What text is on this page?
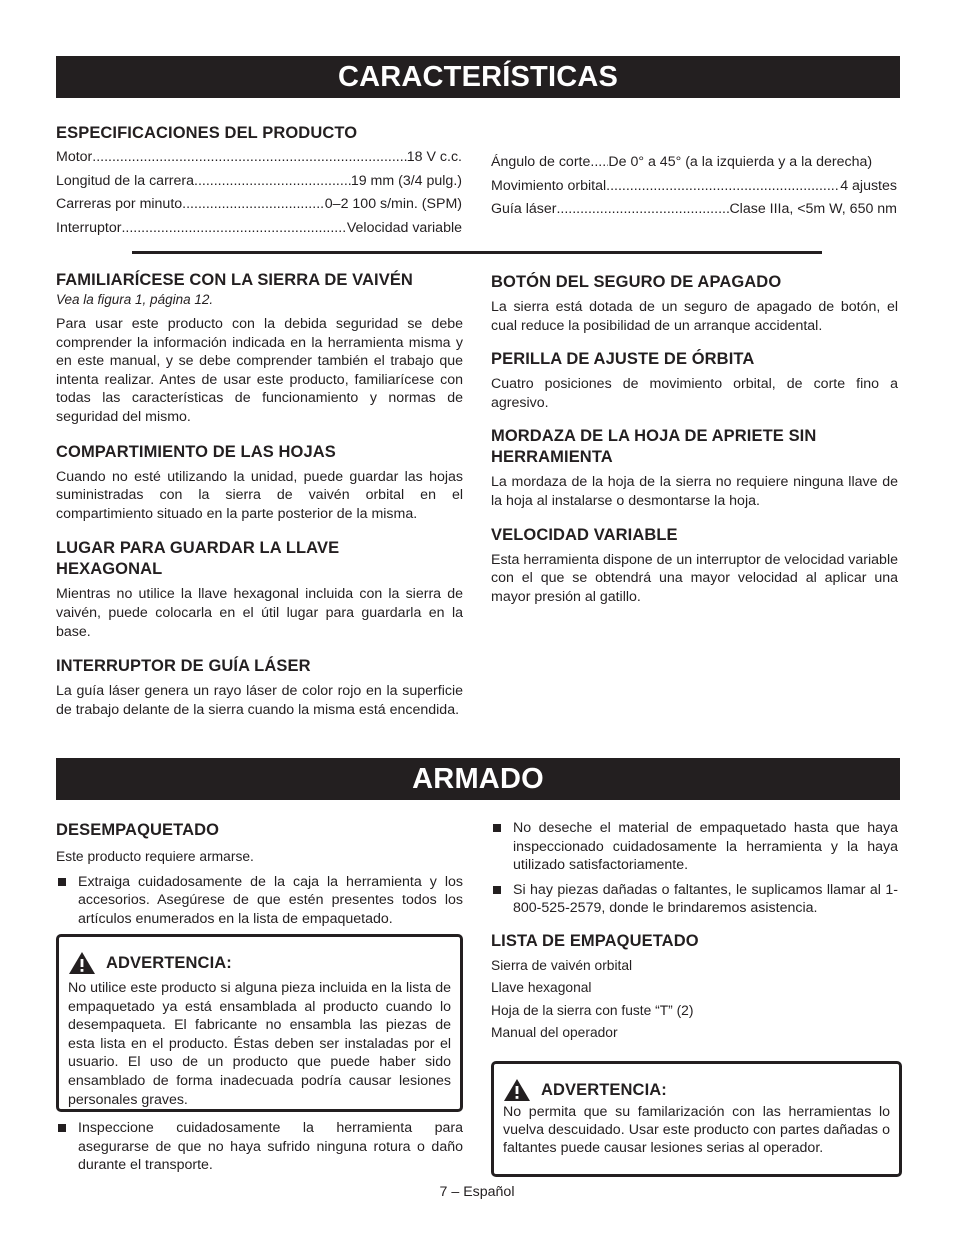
CARACTERÍSTICAS

ESPECIFICACIONES DEL PRODUCTO

Motor .....	18 V c.c.
Longitud de la carrera .....	19 mm (3/4 pulg.)
Carreras por minuto .....	0–2 100 s/min. (SPM)
Interruptor .....	Velocidad variable
Ángulo de corte ..... De 0° a 45° (a la izquierda y a la derecha)
Movimiento orbital .....	4 ajustes
Guía láser .....	Clase IIIa, <5m W, 650 nm

FAMILIARÍCESE CON LA SIERRA DE VAIVÉN

Vea la figura 1, página 12.

Para usar este producto con la debida seguridad se debe comprender la información indicada en la herramienta misma y en este manual, y se debe comprender también el trabajo que intenta realizar. Antes de usar este producto, familiarícese con todas las características de funcionamiento y normas de seguridad del mismo.

COMPARTIMIENTO DE LAS HOJAS

Cuando no esté utilizando la unidad, puede guardar las hojas suministradas con la sierra de vaivén orbital en el compartimiento situado en la parte posterior de la misma.

LUGAR PARA GUARDAR LA LLAVE HEXAGONAL

Mientras no utilice la llave hexagonal incluida con la sierra de vaivén, puede colocarla en el útil lugar para guardarla en la base.

INTERRUPTOR DE GUÍA LÁSER

La guía láser genera un rayo láser de color rojo en la superficie de trabajo delante de la sierra cuando la misma está encendida.

BOTÓN DEL SEGURO DE APAGADO

La sierra está dotada de un seguro de apagado de botón, el cual reduce la posibilidad de un arranque accidental.

PERILLA DE AJUSTE DE ÓRBITA

Cuatro posiciones de movimiento orbital, de corte fino a agresivo.

MORDAZA DE LA HOJA DE APRIETE SIN HERRAMIENTA

La mordaza de la hoja de la sierra no requiere ninguna llave de la hoja al instalarse o desmontarse la hoja.

VELOCIDAD VARIABLE

Esta herramienta dispone de un interruptor de velocidad variable con el que se obtendrá una mayor velocidad al aplicar una mayor presión al gatillo.

ARMADO

DESEMPAQUETADO

Este producto requiere armarse.

Extraiga cuidadosamente de la caja la herramienta y los accesorios. Asegúrese de que estén presentes todos los artículos enumerados en la lista de empaquetado.
ADVERTENCIA:

No utilice este producto si alguna pieza incluida en la lista de empaquetado ya está ensamblada al producto cuando lo desempaqueta. El fabricante no ensambla las piezas de esta lista en el producto. Éstas deben ser instaladas por el usuario. El uso de un producto que puede haber sido ensamblado de forma inadecuada podría causar lesiones personales graves.

Inspeccione cuidadosamente la herramienta para asegurarse de que no haya sufrido ninguna rotura o daño durante el transporte.
No deseche el material de empaquetado hasta que haya inspeccionado cuidadosamente la herramienta y la haya utilizado satisfactoriamente.
Si hay piezas dañadas o faltantes, le suplicamos llamar al 1-800-525-2579, donde le brindaremos asistencia.

LISTA DE EMPAQUETADO

Sierra de vaivén orbital
Llave hexagonal
Hoja de la sierra con fuste “T” (2)
Manual del operador
ADVERTENCIA:

No permita que su familarización con las herramientas lo vuelva descuidado. Usar este producto con partes dañadas o faltantes puede causar lesiones serias al operador.

7 – Español
